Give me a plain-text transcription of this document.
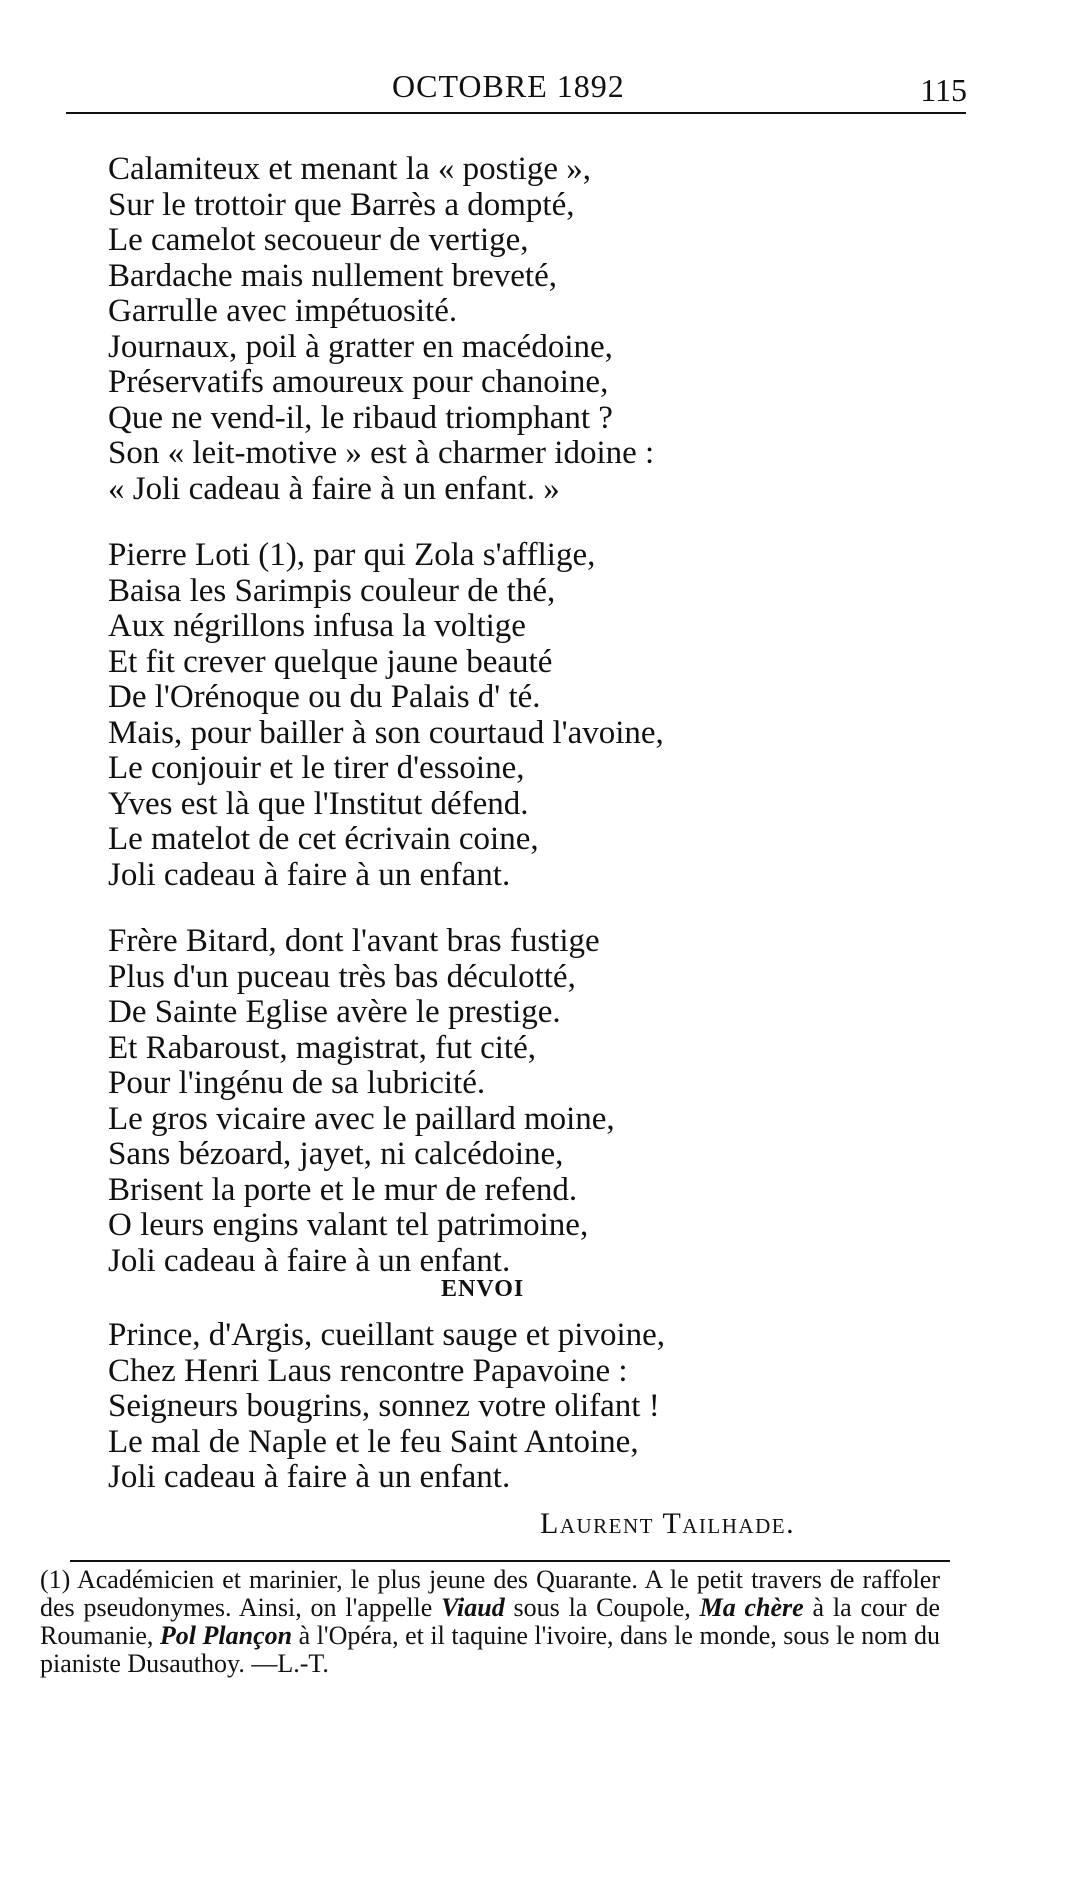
OCTOBRE 1892	115
Calamiteux et menant la « postige »,
Sur le trottoir que Barrès a dompté,
Le camelot secoueur de vertige,
Bardache mais nullement breveté,
Garrulle avec impétuosité.
Journaux, poil à gratter en macédoine,
Préservatifs amoureux pour chanoine,
Que ne vend-il, le ribaud triomphant ?
Son « leit-motive » est à charmer idoine :
« Joli cadeau à faire à un enfant. »
Pierre Loti (1), par qui Zola s'afflige,
Baisa les Sarimpis couleur de thé,
Aux négrillons infusa la voltige
Et fit crever quelque jaune beauté
De l'Orénoque ou du Palais d' té.
Mais, pour bailler à son courtaud l'avoine,
Le conjouir et le tirer d'essoine,
Yves est là que l'Institut défend.
Le matelot de cet écrivain coine,
Joli cadeau à faire à un enfant.
Frère Bitard, dont l'avant bras fustige
Plus d'un puceau très bas déculotté,
De Sainte Eglise avère le prestige.
Et Rabaroust, magistrat, fut cité,
Pour l'ingénu de sa lubricité.
Le gros vicaire avec le paillard moine,
Sans bézoard, jayet, ni calcédoine,
Brisent la porte et le mur de refend.
O leurs engins valant tel patrimoine,
Joli cadeau à faire à un enfant.
ENVOI
Prince, d'Argis, cueillant sauge et pivoine,
Chez Henri Laus rencontre Papavoine :
Seigneurs bougrins, sonnez votre olifant !
Le mal de Naple et le feu Saint Antoine,
Joli cadeau à faire à un enfant.
Laurent Tailhade.
(1) Académicien et marinier, le plus jeune des Quarante. A le petit travers de raffoler des pseudonymes. Ainsi, on l'appelle Viaud sous la Coupole, Ma chère à la cour de Roumanie, Pol Plançon à l'Opéra, et il taquine l'ivoire, dans le monde, sous le nom du pianiste Dusauthoy. —L.-T.
